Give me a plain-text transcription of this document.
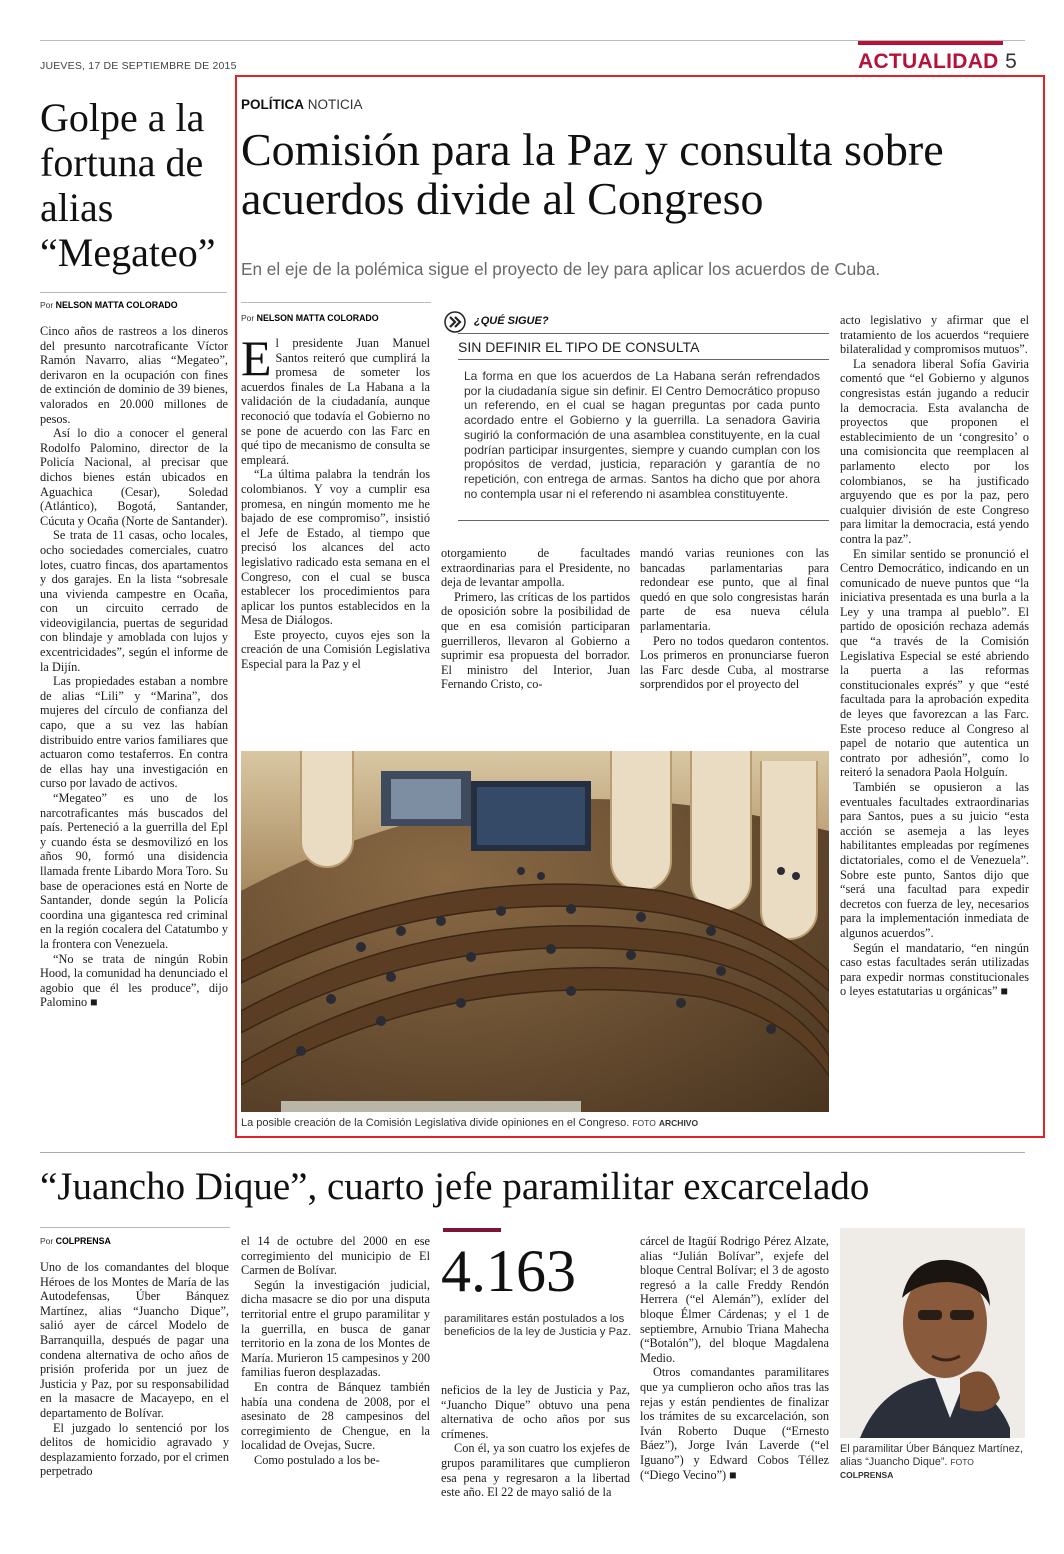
JUEVES, 17 DE SEPTIEMBRE DE 2015	ACTUALIDAD 5
Golpe a la fortuna de alias “Megateo”
Por NELSON MATTA COLORADO

Cinco años de rastreos a los dineros del presunto narcotraficante Víctor Ramón Navarro, alias “Megateo”, derivaron en la ocupación con fines de extinción de dominio de 39 bienes, valorados en 20.000 millones de pesos.

Así lo dio a conocer el general Rodolfo Palomino, director de la Policía Nacional, al precisar que dichos bienes están ubicados en Aguachica (Cesar), Soledad (Atlántico), Bogotá, Santander, Cúcuta y Ocaña (Norte de Santander).

Se trata de 11 casas, ocho locales, ocho sociedades comerciales, cuatro lotes, cuatro fincas, dos apartamentos y dos garajes. En la lista “sobresale una vivienda campestre en Ocaña, con un circuito cerrado de videovigilancia, puertas de seguridad con blindaje y amoblada con lujos y excentricidades”, según el informe de la Dijín.

Las propiedades estaban a nombre de alias “Lili” y “Marina”, dos mujeres del círculo de confianza del capo, que a su vez las habían distribuido entre varios familiares que actuaron como testaferros. En contra de ellas hay una investigación en curso por lavado de activos.

“Megateo” es uno de los narcotraficantes más buscados del país. Perteneció a la guerrilla del Epl y cuando ésta se desmovilizó en los años 90, formó una disidencia llamada frente Libardo Mora Toro. Su base de operaciones está en Norte de Santander, donde según la Policía coordina una gigantesca red criminal en la región cocalera del Catatumbo y la frontera con Venezuela.

“No se trata de ningún Robin Hood, la comunidad ha denunciado el agobio que él les produce”, dijo Palomino ■

POLÍTICA NOTICIA
Comisión para la Paz y consulta sobre acuerdos divide al Congreso
En el eje de la polémica sigue el proyecto de ley para aplicar los acuerdos de Cuba.
Por NELSON MATTA COLORADO

El presidente Juan Manuel Santos reiteró que cumplirá la promesa de someter los acuerdos finales de La Habana a la validación de la ciudadanía, aunque reconoció que todavía el Gobierno no se pone de acuerdo con las Farc en qué tipo de mecanismo de consulta se empleará.

“La última palabra la tendrán los colombianos. Y voy a cumplir esa promesa, en ningún momento me he bajado de ese compromiso”, insistió el Jefe de Estado, al tiempo que precisó los alcances del acto legislativo radicado esta semana en el Congreso, con el cual se busca establecer los procedimientos para aplicar los puntos establecidos en la Mesa de Diálogos.

Este proyecto, cuyos ejes son la creación de una Comisión Legislativa Especial para la Paz y el

¿QUÉ SIGUE?
SIN DEFINIR EL TIPO DE CONSULTA
La forma en que los acuerdos de La Habana serán refrendados por la ciudadanía sigue sin definir. El Centro Democrático propuso un referendo, en el cual se hagan preguntas por cada punto acordado entre el Gobierno y la guerrilla. La senadora Gaviria sugirió la conformación de una asamblea constituyente, en la cual podrían participar insurgentes, siempre y cuando cumplan con los propósitos de verdad, justicia, reparación y garantía de no repetición, con entrega de armas. Santos ha dicho que por ahora no contempla usar ni el referendo ni asamblea constituyente.

otorgamiento de facultades extraordinarias para el Presidente, no deja de levantar ampolla.

Primero, las críticas de los partidos de oposición sobre la posibilidad de que en esa comisión participaran guerrilleros, llevaron al Gobierno a suprimir esa propuesta del borrador. El ministro del Interior, Juan Fernando Cristo, co-

mandó varias reuniones con las bancadas parlamentarias para redondear ese punto, que al final quedó en que solo congresistas harán parte de esa nueva célula parlamentaria.

Pero no todos quedaron contentos. Los primeros en pronunciarse fueron las Farc desde Cuba, al mostrarse sorprendidos por el proyecto del

acto legislativo y afirmar que el tratamiento de los acuerdos “requiere bilateralidad y compromisos mutuos”.

La senadora liberal Sofía Gaviria comentó que “el Gobierno y algunos congresistas están jugando a reducir la democracia. Esta avalancha de proyectos que proponen el establecimiento de un ‘congresito’ o una comisioncita que reemplacen al parlamento electo por los colombianos, se ha justificado arguyendo que es por la paz, pero cualquier división de este Congreso para limitar la democracia, está yendo contra la paz”.

En similar sentido se pronunció el Centro Democrático, indicando en un comunicado de nueve puntos que “la iniciativa presentada es una burla a la Ley y una trampa al pueblo”. El partido de oposición rechaza además que “a través de la Comisión Legislativa Especial se esté abriendo la puerta a las reformas constitucionales exprés” y que “esté facultada para la aprobación expedita de leyes que favorezcan a las Farc. Este proceso reduce al Congreso al papel de notario que autentica un contrato por adhesión”, como lo reiteró la senadora Paola Holguín.

También se opusieron a las eventuales facultades extraordinarias para Santos, pues a su juicio “esta acción se asemeja a las leyes habilitantes empleadas por regímenes dictatoriales, como el de Venezuela”. Sobre este punto, Santos dijo que “será una facultad para expedir decretos con fuerza de ley, necesarios para la implementación inmediata de algunos acuerdos”.

Según el mandatario, “en ningún caso estas facultades serán utilizadas para expedir normas constitucionales o leyes estatutarias u orgánicas” ■

La posible creación de la Comisión Legislativa divide opiniones en el Congreso. FOTO ARCHIVO
“Juancho Dique”, cuarto jefe paramilitar excarcelado
Por COLPRENSA

Uno de los comandantes del bloque Héroes de los Montes de María de las Autodefensas, Úber Bánquez Martínez, alias “Juancho Dique”, salió ayer de cárcel Modelo de Barranquilla, después de pagar una condena alternativa de ocho años de prisión proferida por un juez de Justicia y Paz, por su responsabilidad en la masacre de Macayepo, en el departamento de Bolívar.

El juzgado lo sentenció por los delitos de homicidio agravado y desplazamiento forzado, por el crimen perpetrado

el 14 de octubre del 2000 en ese corregimiento del municipio de El Carmen de Bolívar.

Según la investigación judicial, dicha masacre se dio por una disputa territorial entre el grupo paramilitar y la guerrilla, en busca de ganar territorio en la zona de los Montes de María. Murieron 15 campesinos y 200 familias fueron desplazadas.

En contra de Bánquez también había una condena de 2008, por el asesinato de 28 campesinos del corregimiento de Chengue, en la localidad de Ovejas, Sucre.

Como postulado a los be-

4.163
paramilitares están postulados a los beneficios de la ley de Justicia y Paz.

neficios de la ley de Justicia y Paz, “Juancho Dique” obtuvo una pena alternativa de ocho años por sus crímenes.

Con él, ya son cuatro los exjefes de grupos paramilitares que cumplieron esa pena y regresaron a la libertad este año. El 22 de mayo salió de la

cárcel de Itagüí Rodrigo Pérez Alzate, alias “Julián Bolívar”, exjefe del bloque Central Bolívar; el 3 de agosto regresó a la calle Freddy Rendón Herrera (“el Alemán”), exlíder del bloque Élmer Cárdenas; y el 1 de septiembre, Arnubio Triana Mahecha (“Botalón”), del bloque Magdalena Medio.

Otros comandantes paramilitares que ya cumplieron ocho años tras las rejas y están pendientes de finalizar los trámites de su excarcelación, son Iván Roberto Duque (“Ernesto Báez”), Jorge Iván Laverde (“el Iguano”) y Edward Cobos Téllez (“Diego Vecino”) ■

El paramilitar Úber Bánquez Martínez, alias “Juancho Dique”. FOTO COLPRENSA
